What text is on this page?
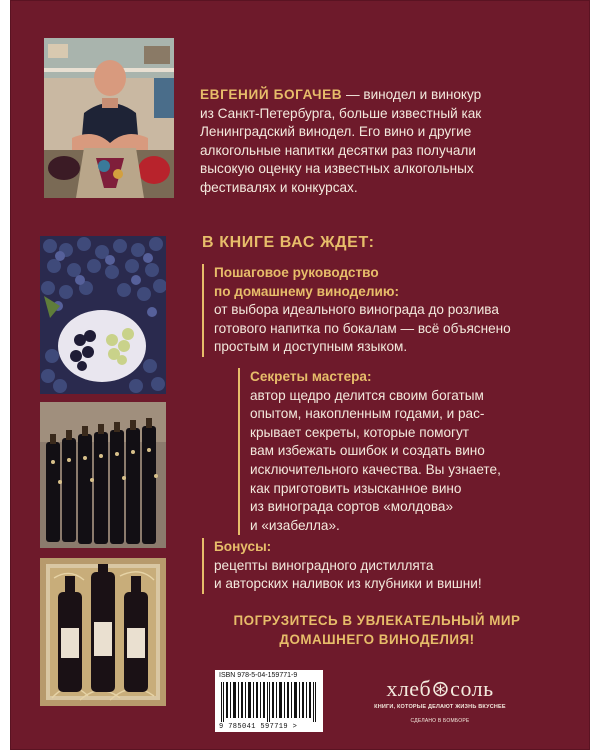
ЕВГЕНИЙ БОГАЧЕВ — винодел и винокур
из Санкт-Петербурга, больше известный как
Ленинградский винодел. Его вино и другие
алкогольные напитки десятки раз получали
высокую оценку на известных алкогольных
фестивалях и конкурсах.
В КНИГЕ ВАС ЖДЕТ:
Пошаговое руководство
по домашнему виноделию:
от выбора идеального винограда до розлива
готового напитка по бокалам — всё объяснено
простым и доступным языком.
Секреты мастера:
автор щедро делится своим богатым
опытом, накопленным годами, и рас-
крывает секреты, которые помогут
вам избежать ошибок и создать вино
исключительного качества. Вы узнаете,
как приготовить изысканное вино
из винограда сортов «молдова»
и «изабелла».
Бонусы:
рецепты виноградного дистиллята
и авторских наливок из клубники и вишни!
ПОГРУЗИТЕСЬ В УВЛЕКАТЕЛЬНЫЙ МИР
ДОМАШНЕГО ВИНОДЕЛИЯ!
ISBN 978-5-04-159771-9
9 785041 597719 >
хлеб⊛соль
КНИГИ, КОТОРЫЕ ДЕЛАЮТ ЖИЗНЬ ВКУСНЕЕ
СДЕЛАНО В БОМБОРЕ
